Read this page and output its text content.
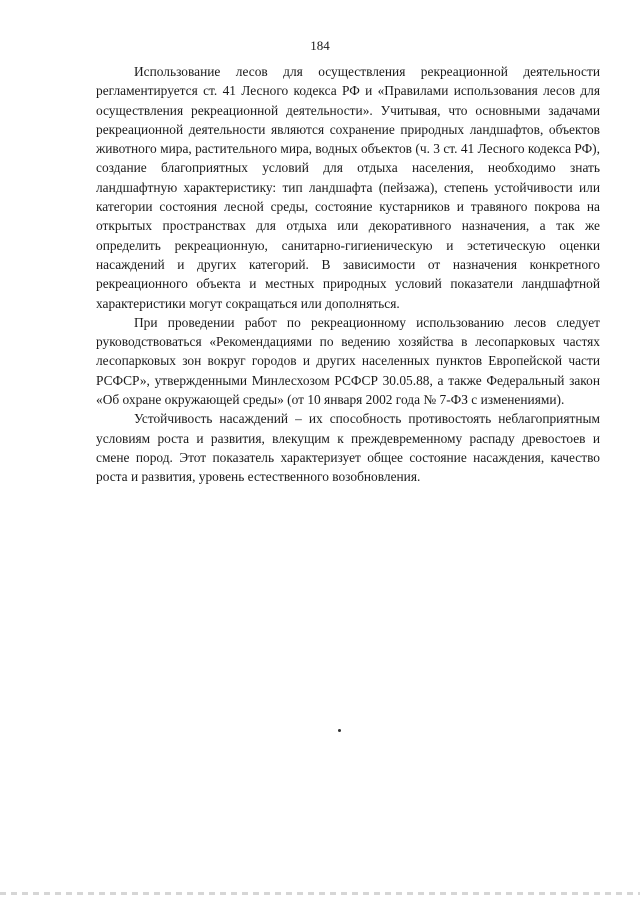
184

Использование лесов для осуществления рекреационной деятельности регламентируется ст. 41 Лесного кодекса РФ и «Правилами использования лесов для осуществления рекреационной деятельности». Учитывая, что основными задачами рекреационной деятельности являются сохранение природных ландшафтов, объектов животного мира, растительного мира, водных объектов (ч. 3 ст. 41 Лесного кодекса РФ), создание благоприятных условий для отдыха населения, необходимо знать ландшафтную характеристику: тип ландшафта (пейзажа), степень устойчивости или категории состояния лесной среды, состояние кустарников и травяного покрова на открытых пространствах для отдыха или декоративного назначения, а так же определить рекреационную, санитарно-гигиеническую и эстетическую оценки насаждений и других категорий. В зависимости от назначения конкретного рекреационного объекта и местных природных условий показатели ландшафтной характеристики могут сокращаться или дополняться.

При проведении работ по рекреационному использованию лесов следует руководствоваться «Рекомендациями по ведению хозяйства в лесопарковых частях лесопарковых зон вокруг городов и других населенных пунктов Европейской части РСФСР», утвержденными Минлесхозом РСФСР 30.05.88, а также Федеральный закон «Об охране окружающей среды» (от 10 января 2002 года № 7-ФЗ с изменениями).

Устойчивость насаждений – их способность противостоять неблагоприятным условиям роста и развития, влекущим к преждевременному распаду древостоев и смене пород. Этот показатель характеризует общее состояние насаждения, качество роста и развития, уровень естественного возобновления.
